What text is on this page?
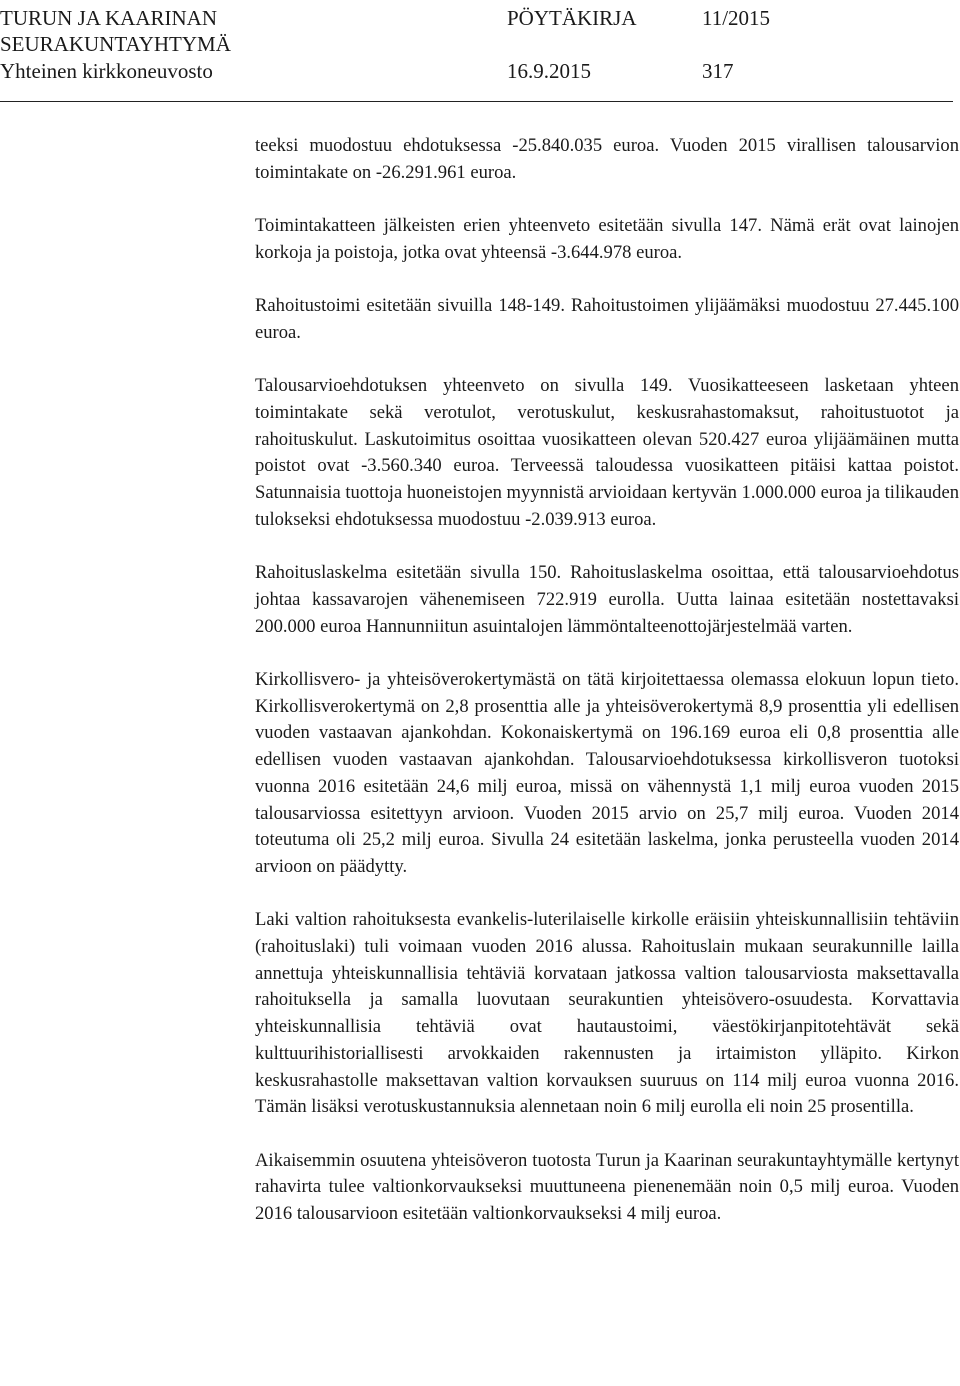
TURUN JA KAARINAN
SEURAKUNTAYHTYMÄ
Yhteinen kirkkoneuvosto
PÖYTÄKIRJA	11/2015
16.9.2015	317

teeksi muodostuu ehdotuksessa -25.840.035 euroa. Vuoden 2015 virallisen talousarvion toimintakate on -26.291.961 euroa.

Toimintakatteen jälkeisten erien yhteenveto esitetään sivulla 147. Nämä erät ovat lainojen korkoja ja poistoja, jotka ovat yhteensä -3.644.978 euroa.

Rahoitustoimi esitetään sivuilla 148-149. Rahoitustoimen ylijäämäksi muodostuu 27.445.100 euroa.

Talousarvioehdotuksen yhteenveto on sivulla 149. Vuosikatteeseen lasketaan yhteen toimintakate sekä verotulot, verotuskulut, keskusrahastomaksut, rahoitustuotot ja rahoituskulut. Laskutoimitus osoittaa vuosikatteen olevan 520.427 euroa ylijäämäinen mutta poistot ovat -3.560.340 euroa. Terveessä taloudessa vuosikatteen pitäisi kattaa poistot. Satunnaisia tuottoja huoneistojen myynnistä arvioidaan kertyvän 1.000.000 euroa ja tilikauden tulokseksi ehdotuksessa muodostuu -2.039.913 euroa.

Rahoituslaskelma esitetään sivulla 150. Rahoituslaskelma osoittaa, että talousarvioehdotus johtaa kassavarojen vähenemiseen 722.919 eurolla. Uutta lainaa esitetään nostettavaksi 200.000 euroa Hannunniitun asuintalojen lämmöntalteenottojärjestelmää varten.

Kirkollisvero- ja yhteisöverokertymästä on tätä kirjoitettaessa olemassa elokuun lopun tieto. Kirkollisverokertymä on 2,8 prosenttia alle ja yhteisöverokertymä 8,9 prosenttia yli edellisen vuoden vastaavan ajankohdan. Kokonaiskertymä on 196.169 euroa eli 0,8 prosenttia alle edellisen vuoden vastaavan ajankohdan. Talousarvioehdotuksessa kirkollisveron tuotoksi vuonna 2016 esitetään 24,6 milj euroa, missä on vähennystä 1,1 milj euroa vuoden 2015 talousarviossa esitettyyn arvioon. Vuoden 2015 arvio on 25,7 milj euroa. Vuoden 2014 toteutuma oli 25,2 milj euroa. Sivulla 24 esitetään laskelma, jonka perusteella vuoden 2014 arvioon on päädytty.

Laki valtion rahoituksesta evankelis-luterilaiselle kirkolle eräisiin yhteiskunnallisiin tehtäviin (rahoituslaki) tuli voimaan vuoden 2016 alussa. Rahoituslain mukaan seurakunnille lailla annettuja yhteiskunnallisia tehtäviä korvataan jatkossa valtion talousarviosta maksettavalla rahoituksella ja samalla luovutaan seurakuntien yhteisövero-osuudesta. Korvattavia yhteiskunnallisia tehtäviä ovat hautaustoimi, väestökirjanpitotehtävät sekä kulttuurihistoriallisesti arvokkaiden rakennusten ja irtaimiston ylläpito. Kirkon keskusrahastolle maksettavan valtion korvauksen suuruus on 114 milj euroa vuonna 2016. Tämän lisäksi verotuskustannuksia alennetaan noin 6 milj eurolla eli noin 25 prosentilla.

Aikaisemmin osuutena yhteisöveron tuotosta Turun ja Kaarinan seurakuntayhtymälle kertynyt rahavirta tulee valtionkorvaukseksi muuttuneena pienenemään noin 0,5 milj euroa. Vuoden 2016 talousarvioon esitetään valtionkorvaukseksi 4 milj euroa.
